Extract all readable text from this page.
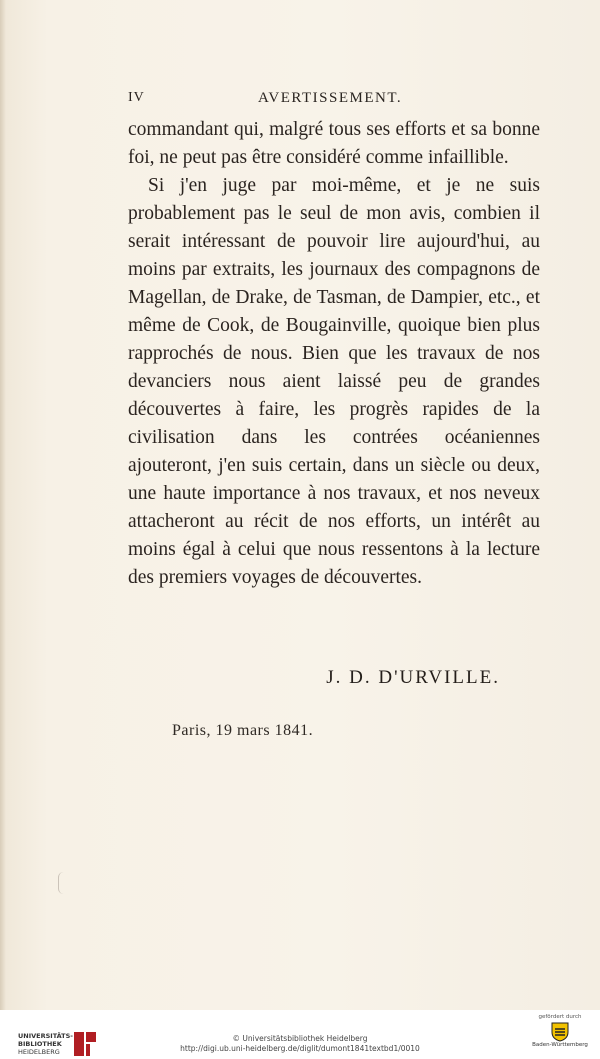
IV	AVERTISSEMENT.

commandant qui, malgré tous ses efforts et sa bonne foi, ne peut pas être considéré comme infaillible.

Si j'en juge par moi-même, et je ne suis probablement pas le seul de mon avis, combien il serait intéressant de pouvoir lire aujourd'hui, au moins par extraits, les journaux des compagnons de Magellan, de Drake, de Tasman, de Dampier, etc., et même de Cook, de Bougainville, quoique bien plus rapprochés de nous. Bien que les travaux de nos devanciers nous aient laissé peu de grandes découvertes à faire, les progrès rapides de la civilisation dans les contrées océaniennes ajouteront, j'en suis certain, dans un siècle ou deux, une haute importance à nos travaux, et nos neveux attacheront au récit de nos efforts, un intérêt au moins égal à celui que nous ressentons à la lecture des premiers voyages de découvertes.

J. D. D'URVILLE.
Paris, 19 mars 1841.
UNIVERSITÄTS-
BIBLIOTHEK
HEIDELBERG
© Universitätsbibliothek Heidelberg
http://digi.ub.uni-heidelberg.de/diglit/dumont1841textbd1/0010
gefördert durch
Baden-Württemberg
